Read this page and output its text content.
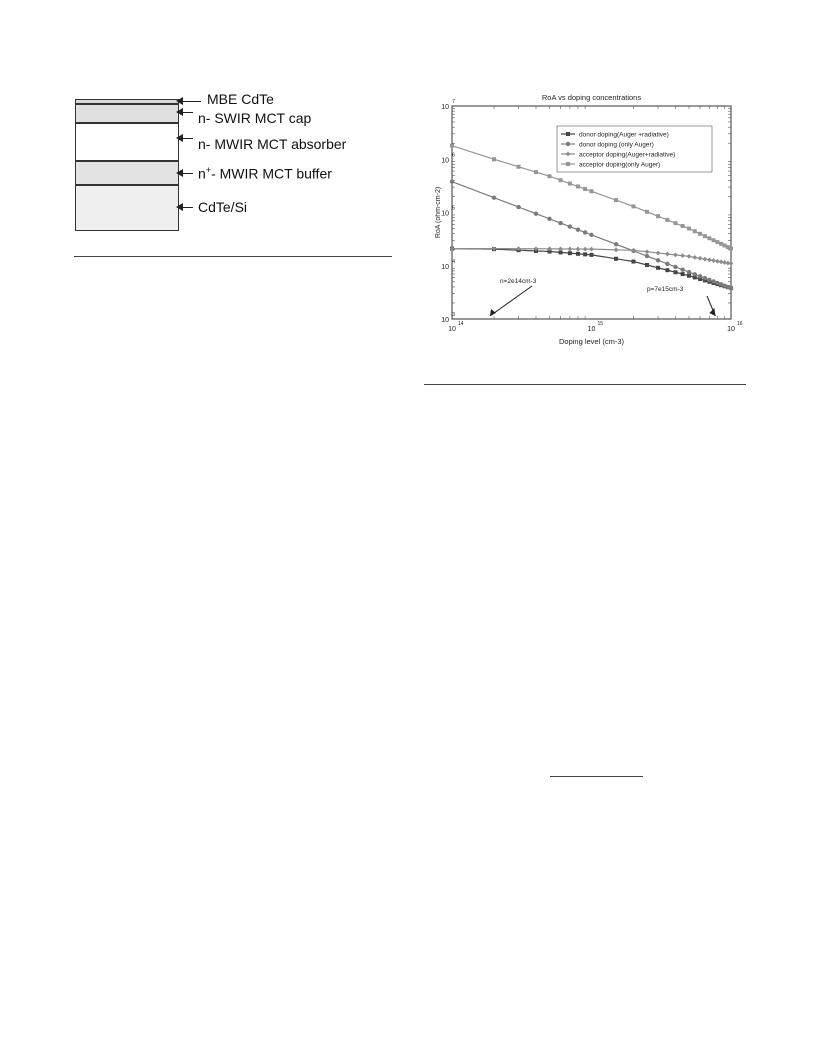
MBE CdTe
n- SWIR MCT cap
n- MWIR MCT absorber
n+- MWIR MCT buffer
CdTe/Si
10
3
10
4
10
5
10
6
10
7
10
14
10
15
10
16
RoA vs doping concentrations
Doping level (cm-3)
RoA (ohm-cm-2)
donor doping(Auger +radiative)
donor doping (only Auger)
acceptor doping(Auger+radiative)
acceptor doping(only Auger)
n=2e14cm-3
p=7e15cm-3
